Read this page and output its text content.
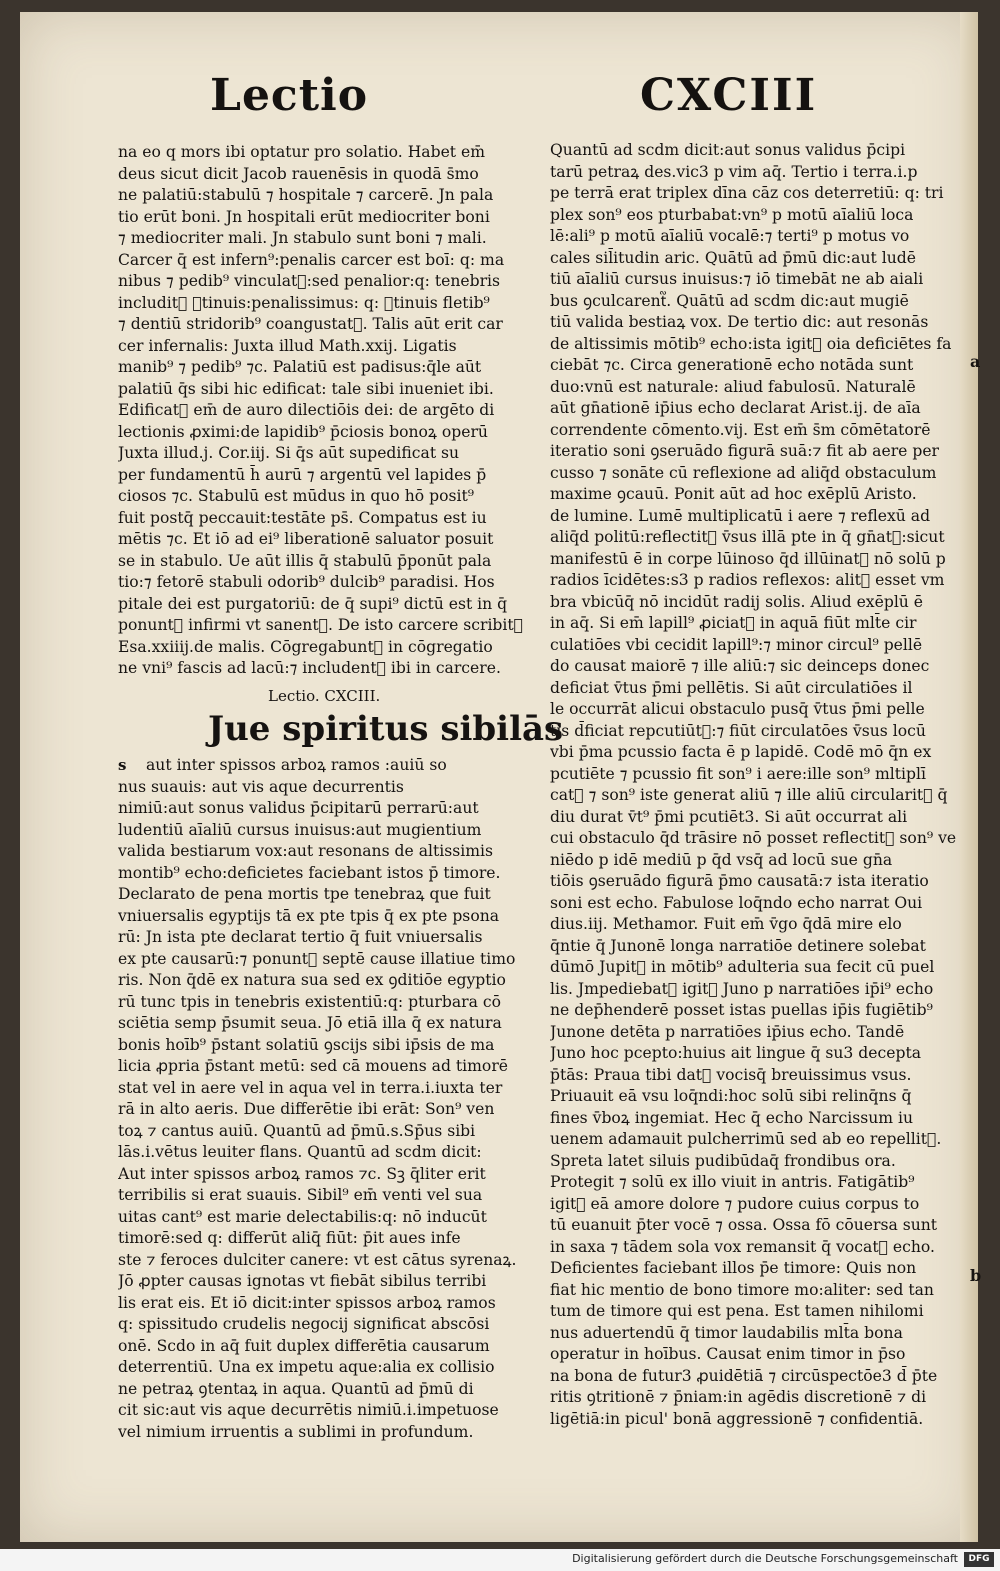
Lectio	CXCIII
na eo q mors ibi optatur pro solatio. Habet em̄
deus sicut dicit Jacob rauenēsis in quodā s̄mo
ne palatiū:stabulū ⁊ hospitale ⁊ carcerē. Jn pala
tio erūt boni. Jn hospitali erūt mediocriter boni
⁊ mediocriter mali. Jn stabulo sunt boni ⁊ mali.
Carcer q̄ est infern⁹:penalis carcer est boī: q: ma
nibus ⁊ pedib⁹ vinculat᷑:sed penalior:q: tenebris
includit᷑ ꝯtinuis:penalissimus: q: ꝯtinuis fletib⁹
⁊ dentiū stridorib⁹ coangustat᷑. Talis aūt erit car
cer infernalis: Juxta illud Math.xxij. Ligatis
manib⁹ ⁊ pedib⁹ ⁊c. Palatiū est padisus:q̄le aūt
palatiū q̄s sibi hic edificat: tale sibi inueniet ibi.
Edificat᷑ em̄ de auro dilectiōis dei: de argēto di
lectionis ꝓximi:de lapidib⁹ p̄ciosis bonoꝝ operū
Juxta illud.j. Cor.iij. Si q̄s aūt supedificat su
per fundamentū h̄ aurū ⁊ argentū vel lapides p̄
ciosos ⁊c. Stabulū est mūdus in quo hō posit⁹
fuit postq̄ peccauit:testāte ps̄. Compatus est iu
mētis ⁊c. Et iō ad ei⁹ liberationē saluator posuit
se in stabulo. Ue aūt illis q̄ stabulū p̄ponūt pala
tio:⁊ fetorē stabuli odorib⁹ dulcib⁹ paradisi. Hos
pitale dei est purgatoriū: de q̄ supi⁹ dictū est in q̄
ponunt᷑ infirmi vt sanent᷑. De isto carcere scribit᷑
Esa.xxiiij.de malis. Cōgregabunt᷑ in cōgregatio
ne vni⁹ fascis ad lacū:⁊ includent᷑ ibi in carcere.
Lectio. CXCIII.
Jue spiritus sibilās
s aut inter spissos arboꝝ ramos :auiū so
nus suauis: aut vis aque decurrentis
nimiū:aut sonus validus p̄cipitarū perrarū:aut
ludentiū aīaliū cursus inuisus:aut mugientium
valida bestiarum vox:aut resonans de altissimis
montib⁹ echo:deficietes faciebant istos p̄ timore.
Declarato de pena mortis tpe tenebraꝝ que fuit
vniuersalis egyptijs tā ex pte tpis q̄ ex pte psona
rū: Jn ista pte declarat tertio q̄ fuit vniuersalis
ex pte causarū:⁊ ponunt᷑ septē cause illatiue timo
ris. Non q̄dē ex natura sua sed ex ꝯditiōe egyptio
rū tunc tpis in tenebris existentiū:q: pturbara cō
sciētia semp p̄sumit seua. Jō etiā illa q̄ ex natura
bonis hoīb⁹ p̄stant solatiū ꝯscijs sibi ip̄sis de ma
licia ꝓpria p̄stant metū: sed cā mouens ad timorē
stat vel in aere vel in aqua vel in terra.i.iuxta ter
rā in alto aeris. Due differētie ibi erāt: Son⁹ ven
toꝝ ⁊ cantus auiū. Quantū ad p̄mū.s.Sp̄us sibi
lās.i.vētus leuiter flans. Quantū ad scdm dicit:
Aut inter spissos arboꝝ ramos ⁊c. Sꝫ q̄liter erit
terribilis si erat suauis. Sibil⁹ em̄ venti vel sua
uitas cant⁹ est marie delectabilis:q: nō inducūt
timorē:sed q: differūt aliq̄ fiūt: p̄it aues infe
ste ⁊ feroces dulciter canere: vt est cātus syrenaꝝ.
Jō ꝓpter causas ignotas vt fiebāt sibilus terribi
lis erat eis. Et iō dicit:inter spissos arboꝝ ramos
q: spissitudo crudelis negocij significat abscōsi
onē. Scdo in aq̄ fuit duplex differētia causarum
deterrentiū. Una ex impetu aque:alia ex collisio
ne petraꝝ ꝯtentaꝝ in aqua. Quantū ad p̄mū di
cit sic:aut vis aque decurrētis nimiū.i.impetuose
vel nimium irruentis a sublimi in profundum.
Quantū ad scdm dicit:aut sonus validus p̄cipi
tarū petraꝝ des.vic3 p vim aq̄. Tertio i terra.i.p
pe terrā erat triplex dīna cāz cos deterretiū: q: tri
plex son⁹ eos pturbabat:vn⁹ p motū aīaliū loca
lē:ali⁹ p motū aīaliū vocalē:⁊ terti⁹ p motus vo
cales sil̄itudin aric. Quātū ad p̄mū dic:aut ludē
tiū aīaliū cursus inuisus:⁊ iō timebāt ne ab aiali
bus ꝯculcarent᷑. Quātū ad scdm dic:aut mugiē
tiū valida bestiaꝝ vox. De tertio dic: aut resonās
de altissimis mōtib⁹ echo:ista igit᷑ oia deficiētes fa
ciebāt ⁊c. Circa generationē echo notāda sunt
duo:vnū est naturale: aliud fabulosū. Naturalē
aūt gn̄ationē ip̄ius echo declarat Arist.ij. de aīa
correndente cōmento.vij. Est em̄ s̄m cōmētatorē
iteratio soni ꝯseruādo figurā suā:⁊ fit ab aere per
cusso ⁊ sonāte cū reflexione ad aliq̄d obstaculum
maxime ꝯcauū. Ponit aūt ad hoc exēplū Aristo.
de lumine. Lumē multiplicatū i aere ⁊ reflexū ad
aliq̄d politū:reflectit᷑ v̄sus illā pte in q̄ gn̄at᷑:sicut
manifestū ē in corpe lūinoso q̄d illūinat᷑ nō solū p
radios īcidētes:s3 p radios reflexos: alit᷑ esset vm
bra vbicūq̄ nō incidūt radij solis. Aliud exēplū ē
in aq̄. Si em̄ lapill⁹ ꝓiciat᷑ in aquā fiūt mlt̄e cir
culatiōes vbi cecidit lapill⁹:⁊ minor circul⁹ pellē
do causat maiorē ⁊ ille aliū:⁊ sic deinceps donec
deficiat v̄tus p̄mi pellētis. Si aūt circulatiōes il
le occurrāt alicui obstaculo pusq̄ v̄tus p̄mi pelle
tis d̄ficiat repcutiūt᷑:⁊ fiūt circulatōes v̄sus locū
vbi p̄ma pcussio facta ē p lapidē. Codē mō q̄n ex
pcutiēte ⁊ pcussio fit son⁹ i aere:ille son⁹ mltiplī
cat᷑ ⁊ son⁹ iste generat aliū ⁊ ille aliū circularit᷑ q̄
diu durat v̄t⁹ p̄mi pcutiēt3. Si aūt occurrat ali
cui obstaculo q̄d trāsire nō posset reflectit᷑ son⁹ ve
niēdo p idē mediū p q̄d vsq̄ ad locū sue gn̄a
tiōis ꝯseruādo figurā p̄mo causatā:⁊ ista iteratio
soni est echo. Fabulose loq̄ndo echo narrat Oui
dius.iij. Methamor. Fuit em̄ v̄go q̄dā mire elo
q̄ntie q̄ Junonē longa narratiōe detinere solebat
dūmō Jupit᷑ in mōtib⁹ adulteria sua fecit cū puel
lis. Jmpediebat᷑ igit᷑ Juno p narratiōes ip̄i⁹ echo
ne dep̄henderē posset istas puellas ip̄is fugiētib⁹
Junone detēta p narratiōes ip̄ius echo. Tandē
Juno hoc pcepto:huius ait lingue q̄ su3 decepta
p̄tās: Praua tibi dat᷑ vocisq̄ breuissimus vsus.
Priuauit eā vsu loq̄ndi:hoc solū sibi relinq̄ns q̄
fines v̄boꝝ ingemiat. Hec q̄ echo Narcissum iu
uenem adamauit pulcherrimū sed ab eo repellit᷑.
Spreta latet siluis pudibūdaq̄ frondibus ora.
Protegit ⁊ solū ex illo viuit in antris. Fatigātib⁹
igit᷑ eā amore dolore ⁊ pudore cuius corpus to
tū euanuit p̄ter vocē ⁊ ossa. Ossa fō cōuersa sunt
in saxa ⁊ tādem sola vox remansit q̄ vocat᷑ echo.
Deficientes faciebant illos p̄e timore: Quis non
fiat hic mentio de bono timore mo:aliter: sed tan
tum de timore qui est pena. Est tamen nihilomi
nus aduertendū q̄ timor laudabilis mlt̄a bona
operatur in hoībus. Causat enim timor in p̄so
na bona de futur3 ꝓuidētiā ⁊ circūspectōe3 d̄ p̄te
ritis ꝯtritionē ⁊ p̄niam:in agēdis discretionē ⁊ di
ligētiā:in picul' bonā aggressionē ⁊ confidentiā.
a
b
Digitalisierung gefördert durch die Deutsche Forschungsgemeinschaft	DFG
